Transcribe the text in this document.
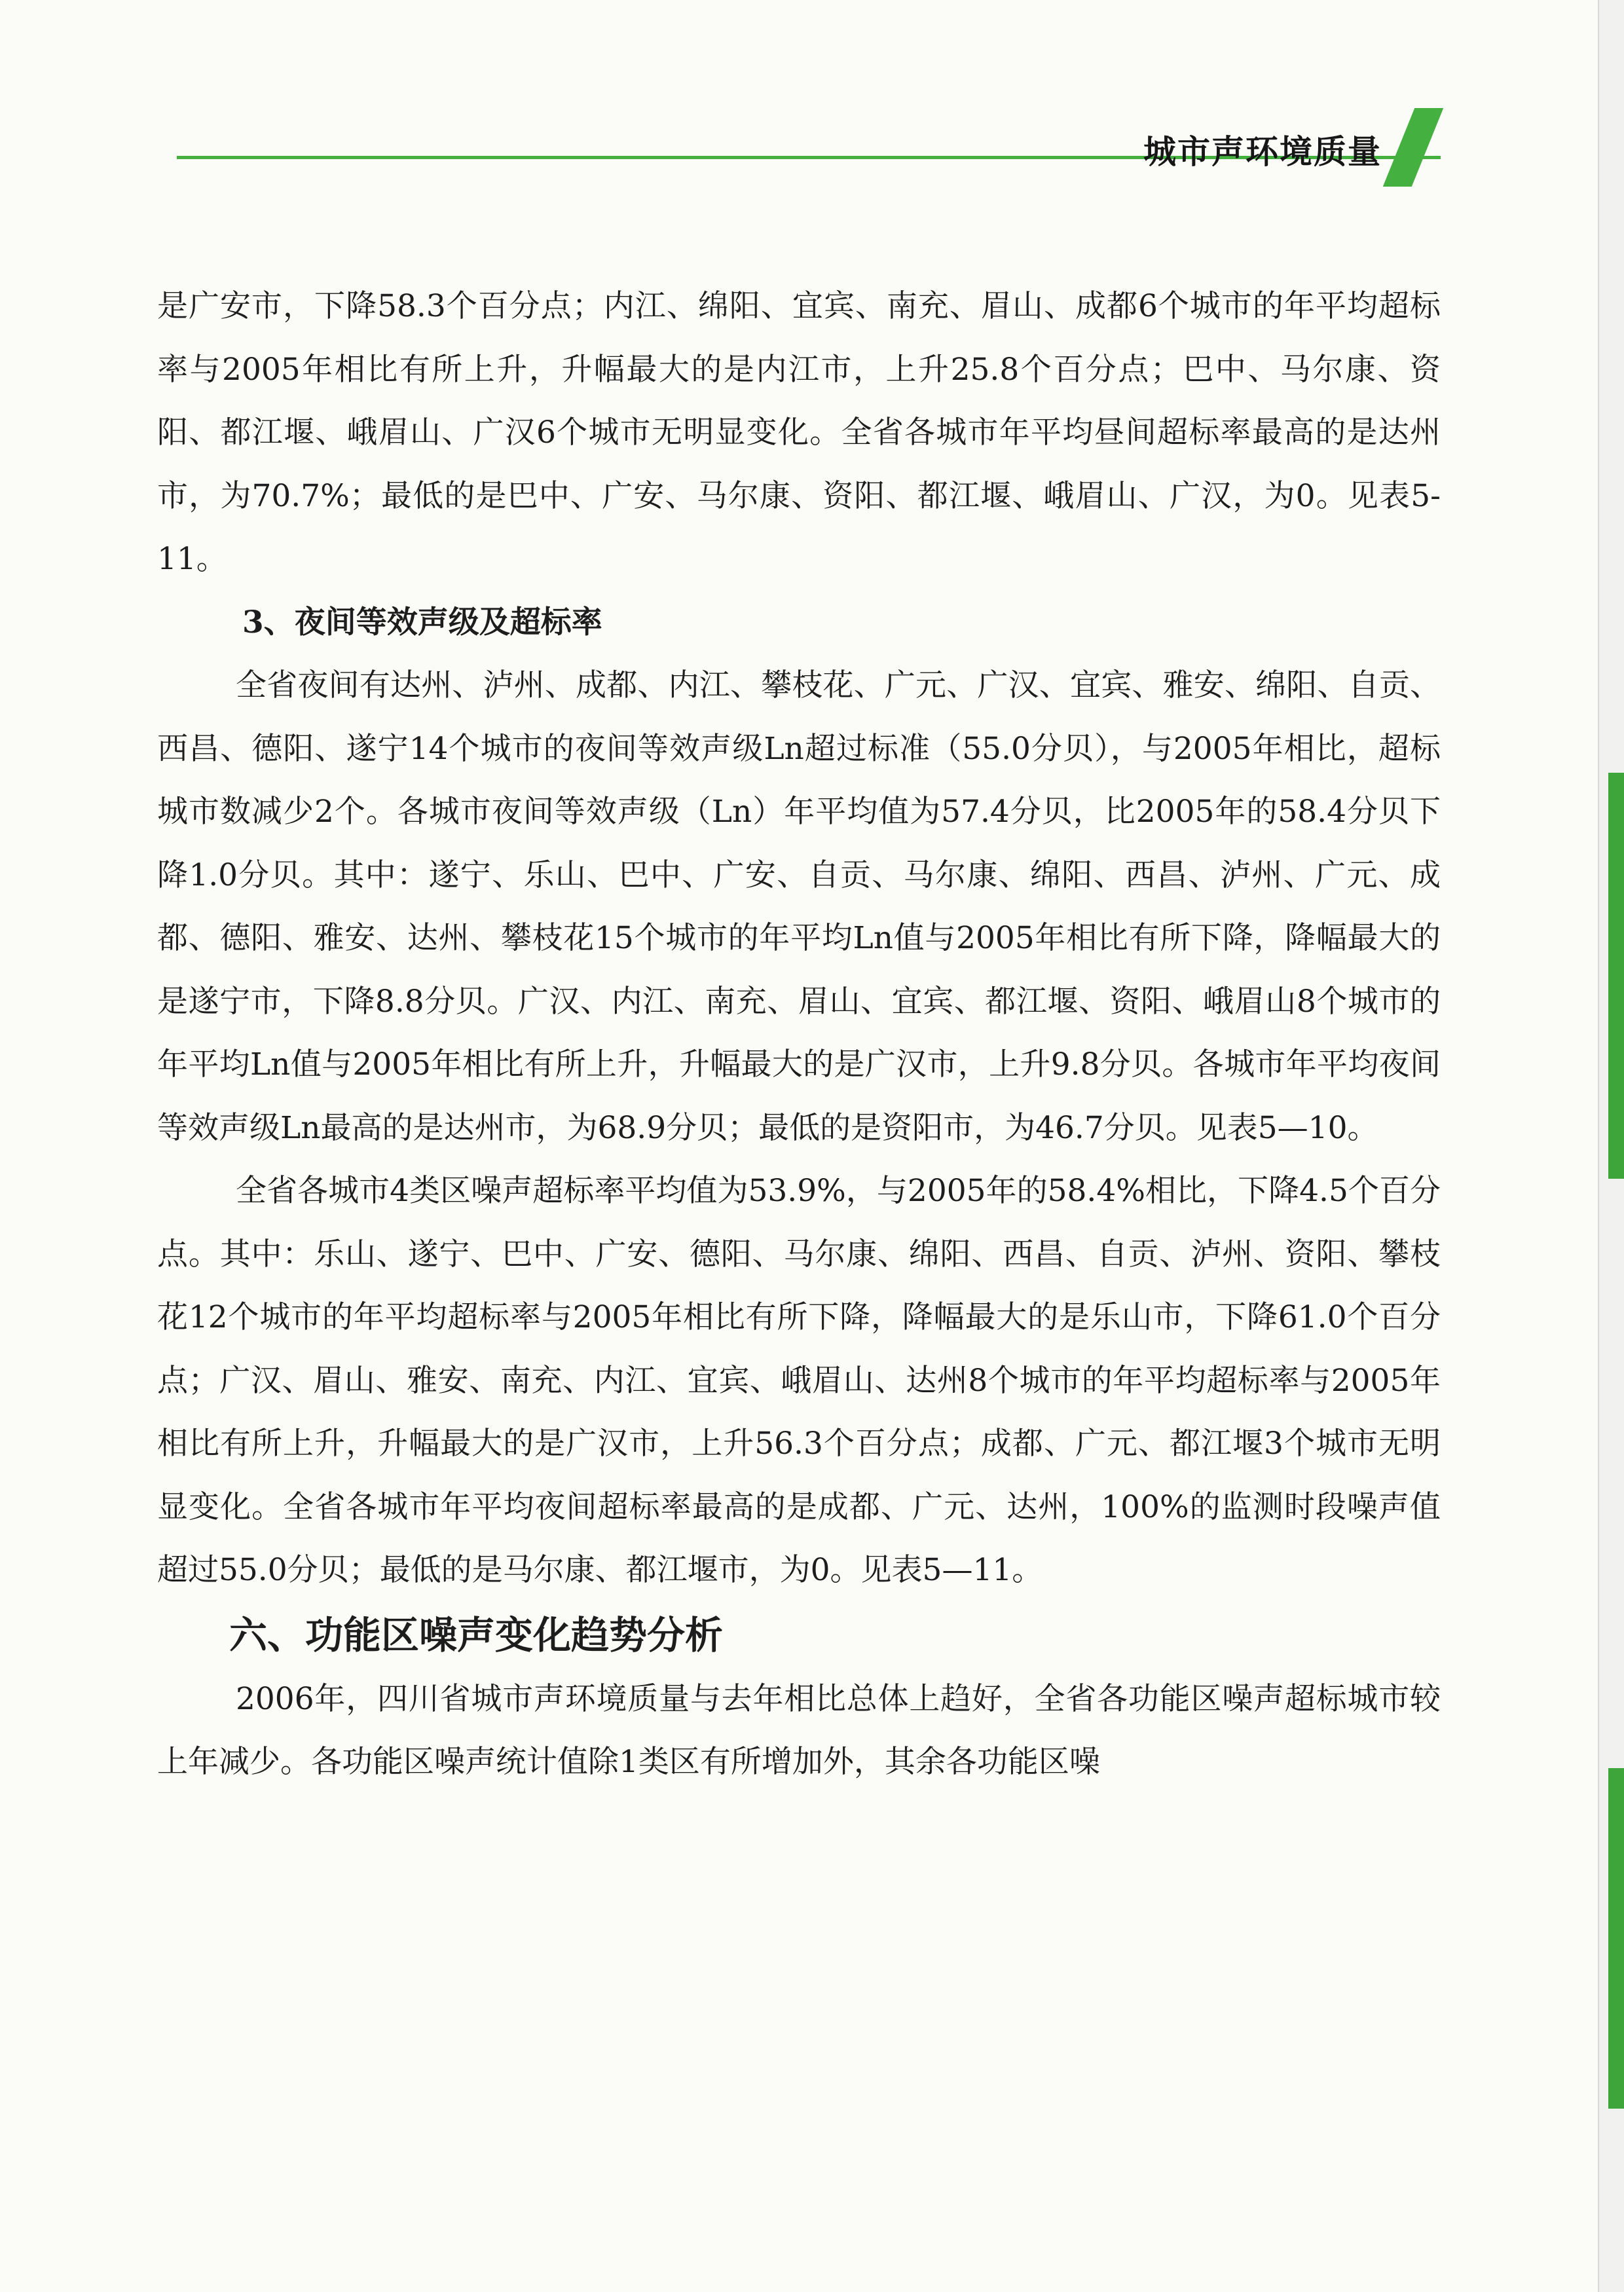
城市声环境质量

是广安市，下降58.3个百分点；内江、绵阳、宜宾、南充、眉山、成都6个城市的年平均超标率与2005年相比有所上升，升幅最大的是内江市，上升25.8个百分点；巴中、马尔康、资阳、都江堰、峨眉山、广汉6个城市无明显变化。全省各城市年平均昼间超标率最高的是达州市，为70.7%；最低的是巴中、广安、马尔康、资阳、都江堰、峨眉山、广汉，为0。见表5-11。

3、夜间等效声级及超标率

全省夜间有达州、泸州、成都、内江、攀枝花、广元、广汉、宜宾、雅安、绵阳、自贡、西昌、德阳、遂宁14个城市的夜间等效声级Ln超过标准（55.0分贝），与2005年相比，超标城市数减少2个。各城市夜间等效声级（Ln）年平均值为57.4分贝，比2005年的58.4分贝下降1.0分贝。其中：遂宁、乐山、巴中、广安、自贡、马尔康、绵阳、西昌、泸州、广元、成都、德阳、雅安、达州、攀枝花15个城市的年平均Ln值与2005年相比有所下降，降幅最大的是遂宁市，下降8.8分贝。广汉、内江、南充、眉山、宜宾、都江堰、资阳、峨眉山8个城市的年平均Ln值与2005年相比有所上升，升幅最大的是广汉市，上升9.8分贝。各城市年平均夜间等效声级Ln最高的是达州市，为68.9分贝；最低的是资阳市，为46.7分贝。见表5—10。

全省各城市4类区噪声超标率平均值为53.9%，与2005年的58.4%相比，下降4.5个百分点。其中：乐山、遂宁、巴中、广安、德阳、马尔康、绵阳、西昌、自贡、泸州、资阳、攀枝花12个城市的年平均超标率与2005年相比有所下降，降幅最大的是乐山市，下降61.0个百分点；广汉、眉山、雅安、南充、内江、宜宾、峨眉山、达州8个城市的年平均超标率与2005年相比有所上升，升幅最大的是广汉市，上升56.3个百分点；成都、广元、都江堰3个城市无明显变化。全省各城市年平均夜间超标率最高的是成都、广元、达州，100%的监测时段噪声值超过55.0分贝；最低的是马尔康、都江堰市，为0。见表5—11。

六、功能区噪声变化趋势分析

2006年，四川省城市声环境质量与去年相比总体上趋好，全省各功能区噪声超标城市较上年减少。各功能区噪声统计值除1类区有所增加外，其余各功能区噪
